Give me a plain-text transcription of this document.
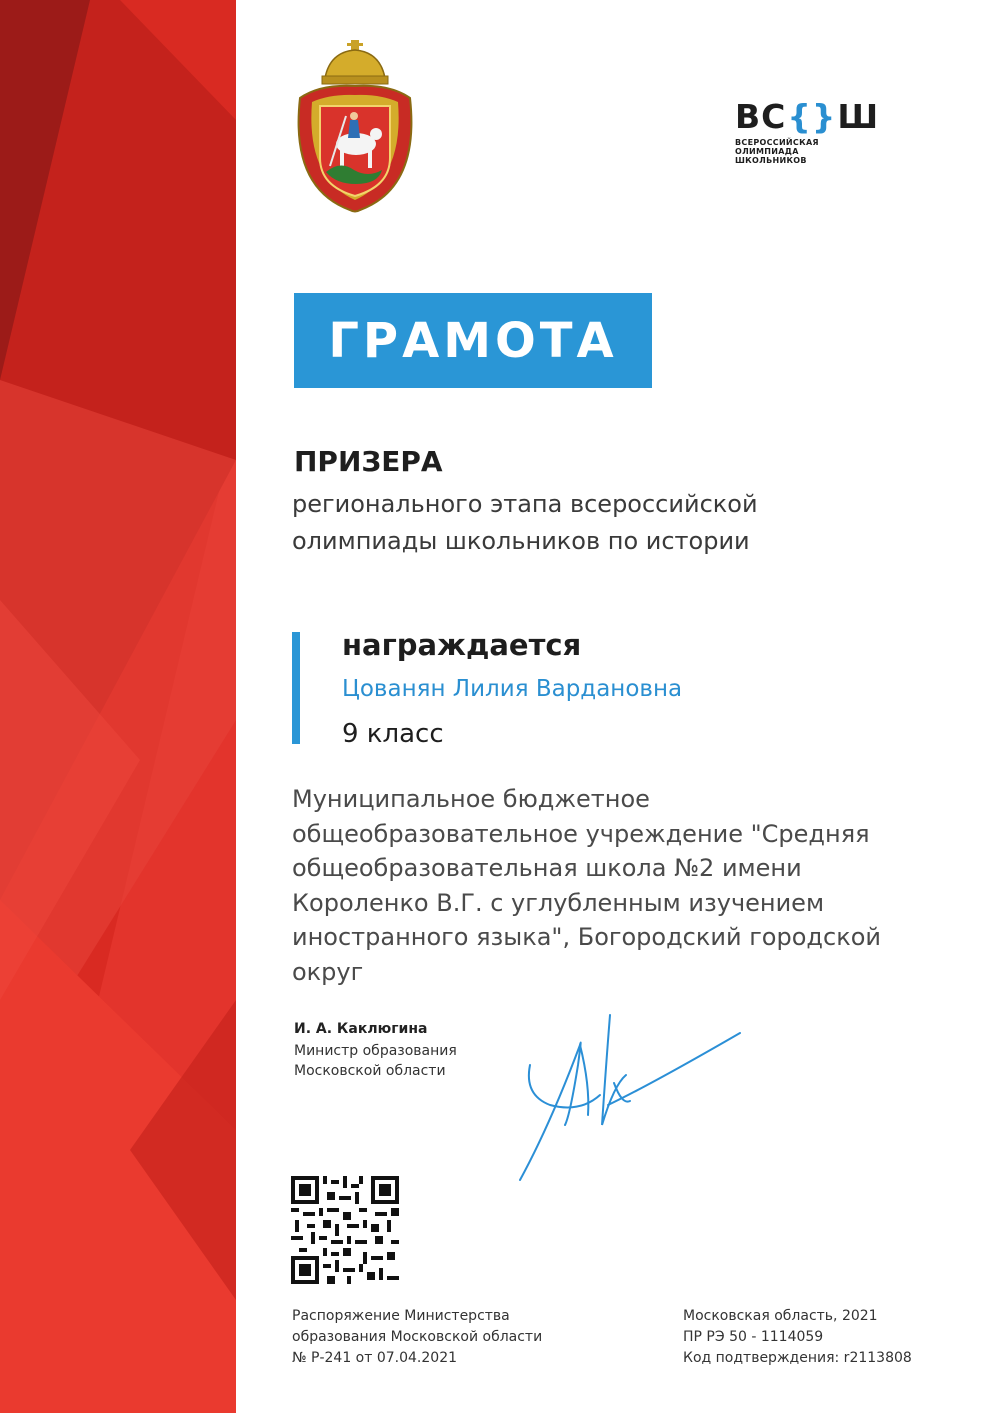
ВС {} Ш
ВСЕРОССИЙСКАЯ
ОЛИМПИАДА
ШКОЛЬНИКОВ
ГРАМОТА
ПРИЗЕРА
регионального этапа всероссийской
олимпиады школьников по истории
награждается
Цованян Лилия Вардановна
9 класс
Муниципальное бюджетное
общеобразовательное учреждение "Средняя
общеобразовательная школа №2 имени
Короленко В.Г. с углубленным изучением
иностранного языка", Богородский городской
округ
И. А. Каклюгина
Министр образования
Московской области
Распоряжение Министерства
образования Московской области
№ Р-241 от 07.04.2021
Московская область, 2021
ПР РЭ 50 - 1114059
Код подтверждения: r2113808
